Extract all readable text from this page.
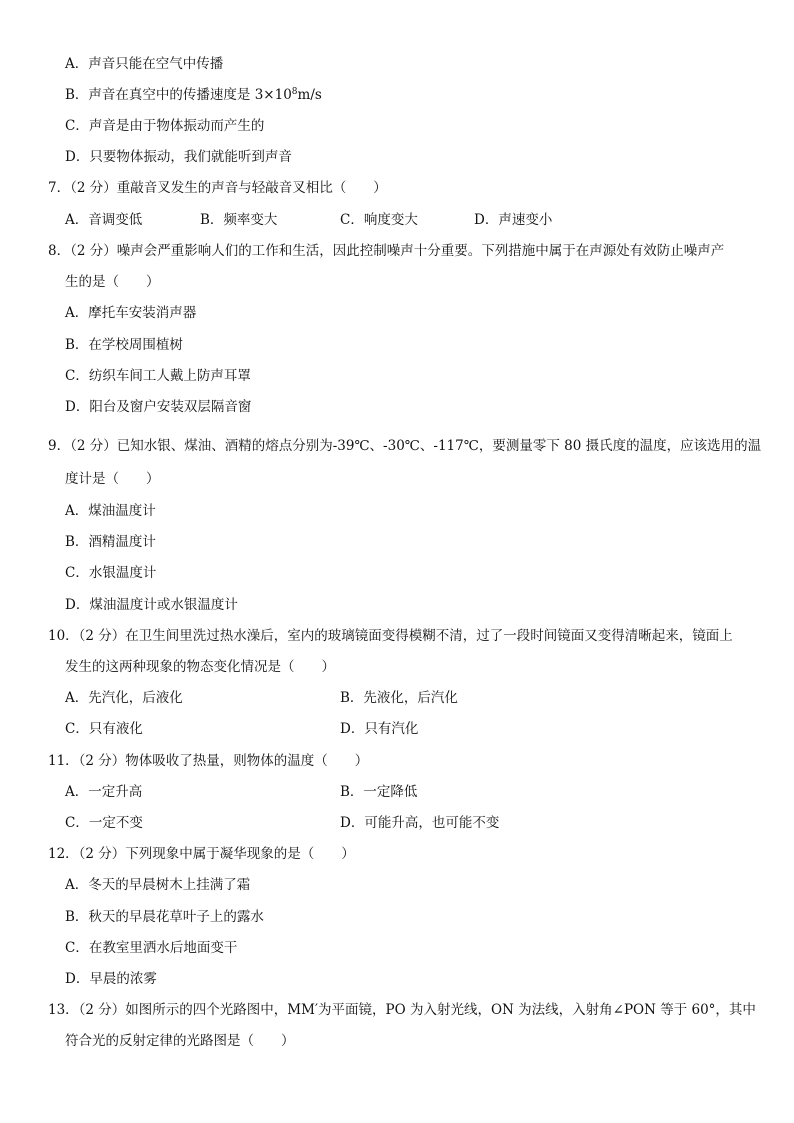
A．声音只能在空气中传播
B．声音在真空中的传播速度是 $3\times 10^8m/s$
C．声音是由于物体振动而产生的
D．只要物体振动，我们就能听到声音
7．（2 分）重敲音叉发生的声音与轻敲音叉相比（　　）
A．音调变低	B．频率变大	C．响度变大	D．声速变小
8．（2 分）噪声会严重影响人们的工作和生活，因此控制噪声十分重要。下列措施中属于在声源处有效防止噪声产
生的是（　　）
A．摩托车安装消声器
B．在学校周围植树
C．纺织车间工人戴上防声耳罩
D．阳台及窗户安装双层隔音窗
9．（2 分）已知水银、煤油、酒精的熔点分别为-39℃、-30℃、-117℃，要测量零下 80 摄氏度的温度，应该选用的温
度计是（　　）
A．煤油温度计
B．酒精温度计
C．水银温度计
D．煤油温度计或水银温度计
10．（2 分）在卫生间里洗过热水澡后，室内的玻璃镜面变得模糊不清，过了一段时间镜面又变得清晰起来，镜面上
发生的这两种现象的物态变化情况是（　　）
A．先汽化，后液化	B．先液化，后汽化
C．只有液化	D．只有汽化
11．（2 分）物体吸收了热量，则物体的温度（　　）
A．一定升高	B．一定降低
C．一定不变	D．可能升高，也可能不变
12．（2 分）下列现象中属于凝华现象的是（　　）
A．冬天的早晨树木上挂满了霜
B．秋天的早晨花草叶子上的露水
C．在教室里洒水后地面变干
D．早晨的浓雾
13．（2 分）如图所示的四个光路图中，MM′为平面镜，PO 为入射光线，ON 为法线，入射角∠PON 等于 60°，其中
符合光的反射定律的光路图是（　　）
